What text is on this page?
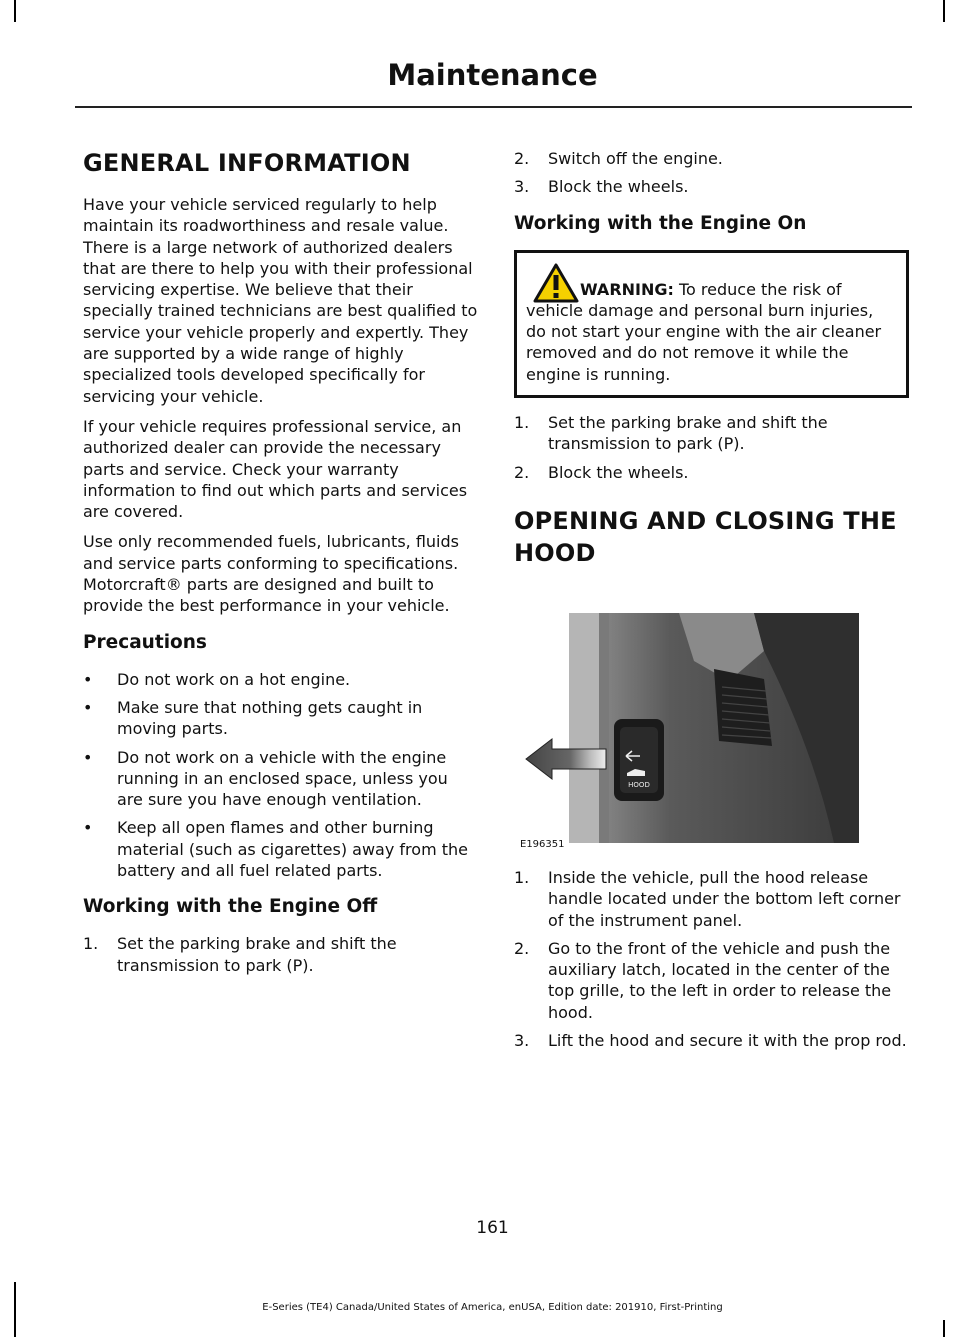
Maintenance
GENERAL INFORMATION

Have your vehicle serviced regularly to help maintain its roadworthiness and resale value. There is a large network of authorized dealers that are there to help you with their professional servicing expertise. We believe that their specially trained technicians are best qualified to service your vehicle properly and expertly. They are supported by a wide range of highly specialized tools developed specifically for servicing your vehicle.

If your vehicle requires professional service, an authorized dealer can provide the necessary parts and service. Check your warranty information to find out which parts and services are covered.

Use only recommended fuels, lubricants, fluids and service parts conforming to specifications. Motorcraft® parts are designed and built to provide the best performance in your vehicle.

Precautions
• Do not work on a hot engine.
• Make sure that nothing gets caught in moving parts.
• Do not work on a vehicle with the engine running in an enclosed space, unless you are sure you have enough ventilation.
• Keep all open flames and other burning material (such as cigarettes) away from the battery and all fuel related parts.
Working with the Engine Off
1. Set the parking brake and shift the transmission to park (P).
2. Switch off the engine.
3. Block the wheels.
Working with the Engine On
WARNING: To reduce the risk of vehicle damage and personal burn injuries, do not start your engine with the air cleaner removed and do not remove it while the engine is running.
1. Set the parking brake and shift the transmission to park (P).
2. Block the wheels.
OPENING AND CLOSING THE
HOOD
HOOD
E196351
1. Inside the vehicle, pull the hood release handle located under the bottom left corner of the instrument panel.
2. Go to the front of the vehicle and push the auxiliary latch, located in the center of the top grille, to the left in order to release the hood.
3. Lift the hood and secure it with the prop rod.
161
E-Series (TE4) Canada/United States of America, enUSA, Edition date: 201910, First-Printing
